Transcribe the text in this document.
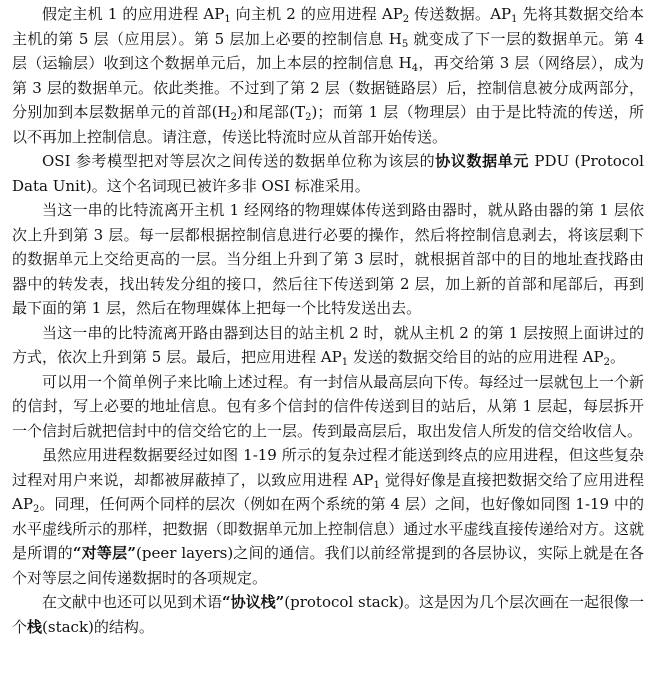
假定主机 1 的应用进程 $AP_1$ 向主机 2 的应用进程 $AP_2$ 传送数据。$AP_1$ 先将其数据交给本主机的第 5 层（应用层）。第 5 层加上必要的控制信息 $H_5$ 就变成了下一层的数据单元。第 4 层（运输层）收到这个数据单元后，加上本层的控制信息 $H_4$，再交给第 3 层（网络层），成为第 3 层的数据单元。依此类推。不过到了第 2 层（数据链路层）后，控制信息被分成两部分，分别加到本层数据单元的首部$(H_2)$和尾部$(T_2)$；而第 1 层（物理层）由于是比特流的传送，所以不再加上控制信息。请注意，传送比特流时应从首部开始传送。

OSI 参考模型把对等层次之间传送的数据单位称为该层的协议数据单元 PDU (Protocol Data Unit)。这个名词现已被许多非 OSI 标准采用。

当这一串的比特流离开主机 1 经网络的物理媒体传送到路由器时，就从路由器的第 1 层依次上升到第 3 层。每一层都根据控制信息进行必要的操作，然后将控制信息剥去，将该层剩下的数据单元上交给更高的一层。当分组上升到了第 3 层时，就根据首部中的目的地址查找路由器中的转发表，找出转发分组的接口，然后往下传送到第 2 层，加上新的首部和尾部后，再到最下面的第 1 层，然后在物理媒体上把每一个比特发送出去。

当这一串的比特流离开路由器到达目的站主机 2 时，就从主机 2 的第 1 层按照上面讲过的方式，依次上升到第 5 层。最后，把应用进程 $AP_1$ 发送的数据交给目的站的应用进程 $AP_2$。

可以用一个简单例子来比喻上述过程。有一封信从最高层向下传。每经过一层就包上一个新的信封，写上必要的地址信息。包有多个信封的信件传送到目的站后，从第 1 层起，每层拆开一个信封后就把信封中的信交给它的上一层。传到最高层后，取出发信人所发的信交给收信人。

虽然应用进程数据要经过如图 1-19 所示的复杂过程才能送到终点的应用进程，但这些复杂过程对用户来说，却都被屏蔽掉了，以致应用进程 $AP_1$ 觉得好像是直接把数据交给了应用进程 $AP_2$。同理，任何两个同样的层次（例如在两个系统的第 4 层）之间，也好像如同图 1-19 中的水平虚线所示的那样，把数据（即数据单元加上控制信息）通过水平虚线直接传递给对方。这就是所谓的“对等层”(peer layers)之间的通信。我们以前经常提到的各层协议，实际上就是在各个对等层之间传递数据时的各项规定。

在文献中也还可以见到术语“协议栈”(protocol stack)。这是因为几个层次画在一起很像一个栈(stack)的结构。
